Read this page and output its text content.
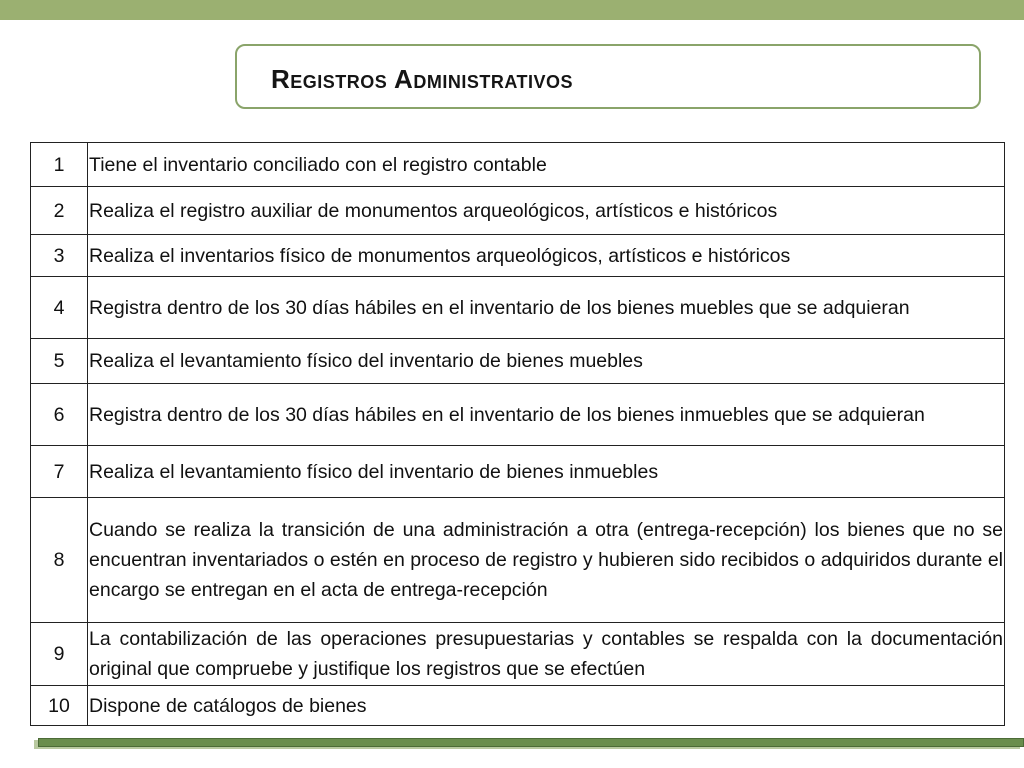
Registros Administrativos
1	Tiene el inventario conciliado con el registro contable
2	Realiza el registro auxiliar de monumentos arqueológicos, artísticos e históricos
3	Realiza el inventarios físico de monumentos arqueológicos, artísticos e históricos
4	Registra dentro de los 30 días hábiles en el inventario de los bienes muebles que se adquieran
5	Realiza el levantamiento físico del inventario de bienes muebles
6	Registra dentro de los 30 días hábiles en el inventario de los bienes inmuebles que se adquieran
7	Realiza el levantamiento físico del inventario de bienes inmuebles
8	Cuando se realiza la transición de una administración a otra (entrega-recepción) los bienes que no se encuentran inventariados o estén en proceso de registro y hubieren sido recibidos o adquiridos durante el encargo se entregan en el acta de entrega-recepción
9	La contabilización de las operaciones presupuestarias y contables se respalda con la documentación original que compruebe y justifique los registros que se efectúen
10	Dispone de catálogos de bienes
